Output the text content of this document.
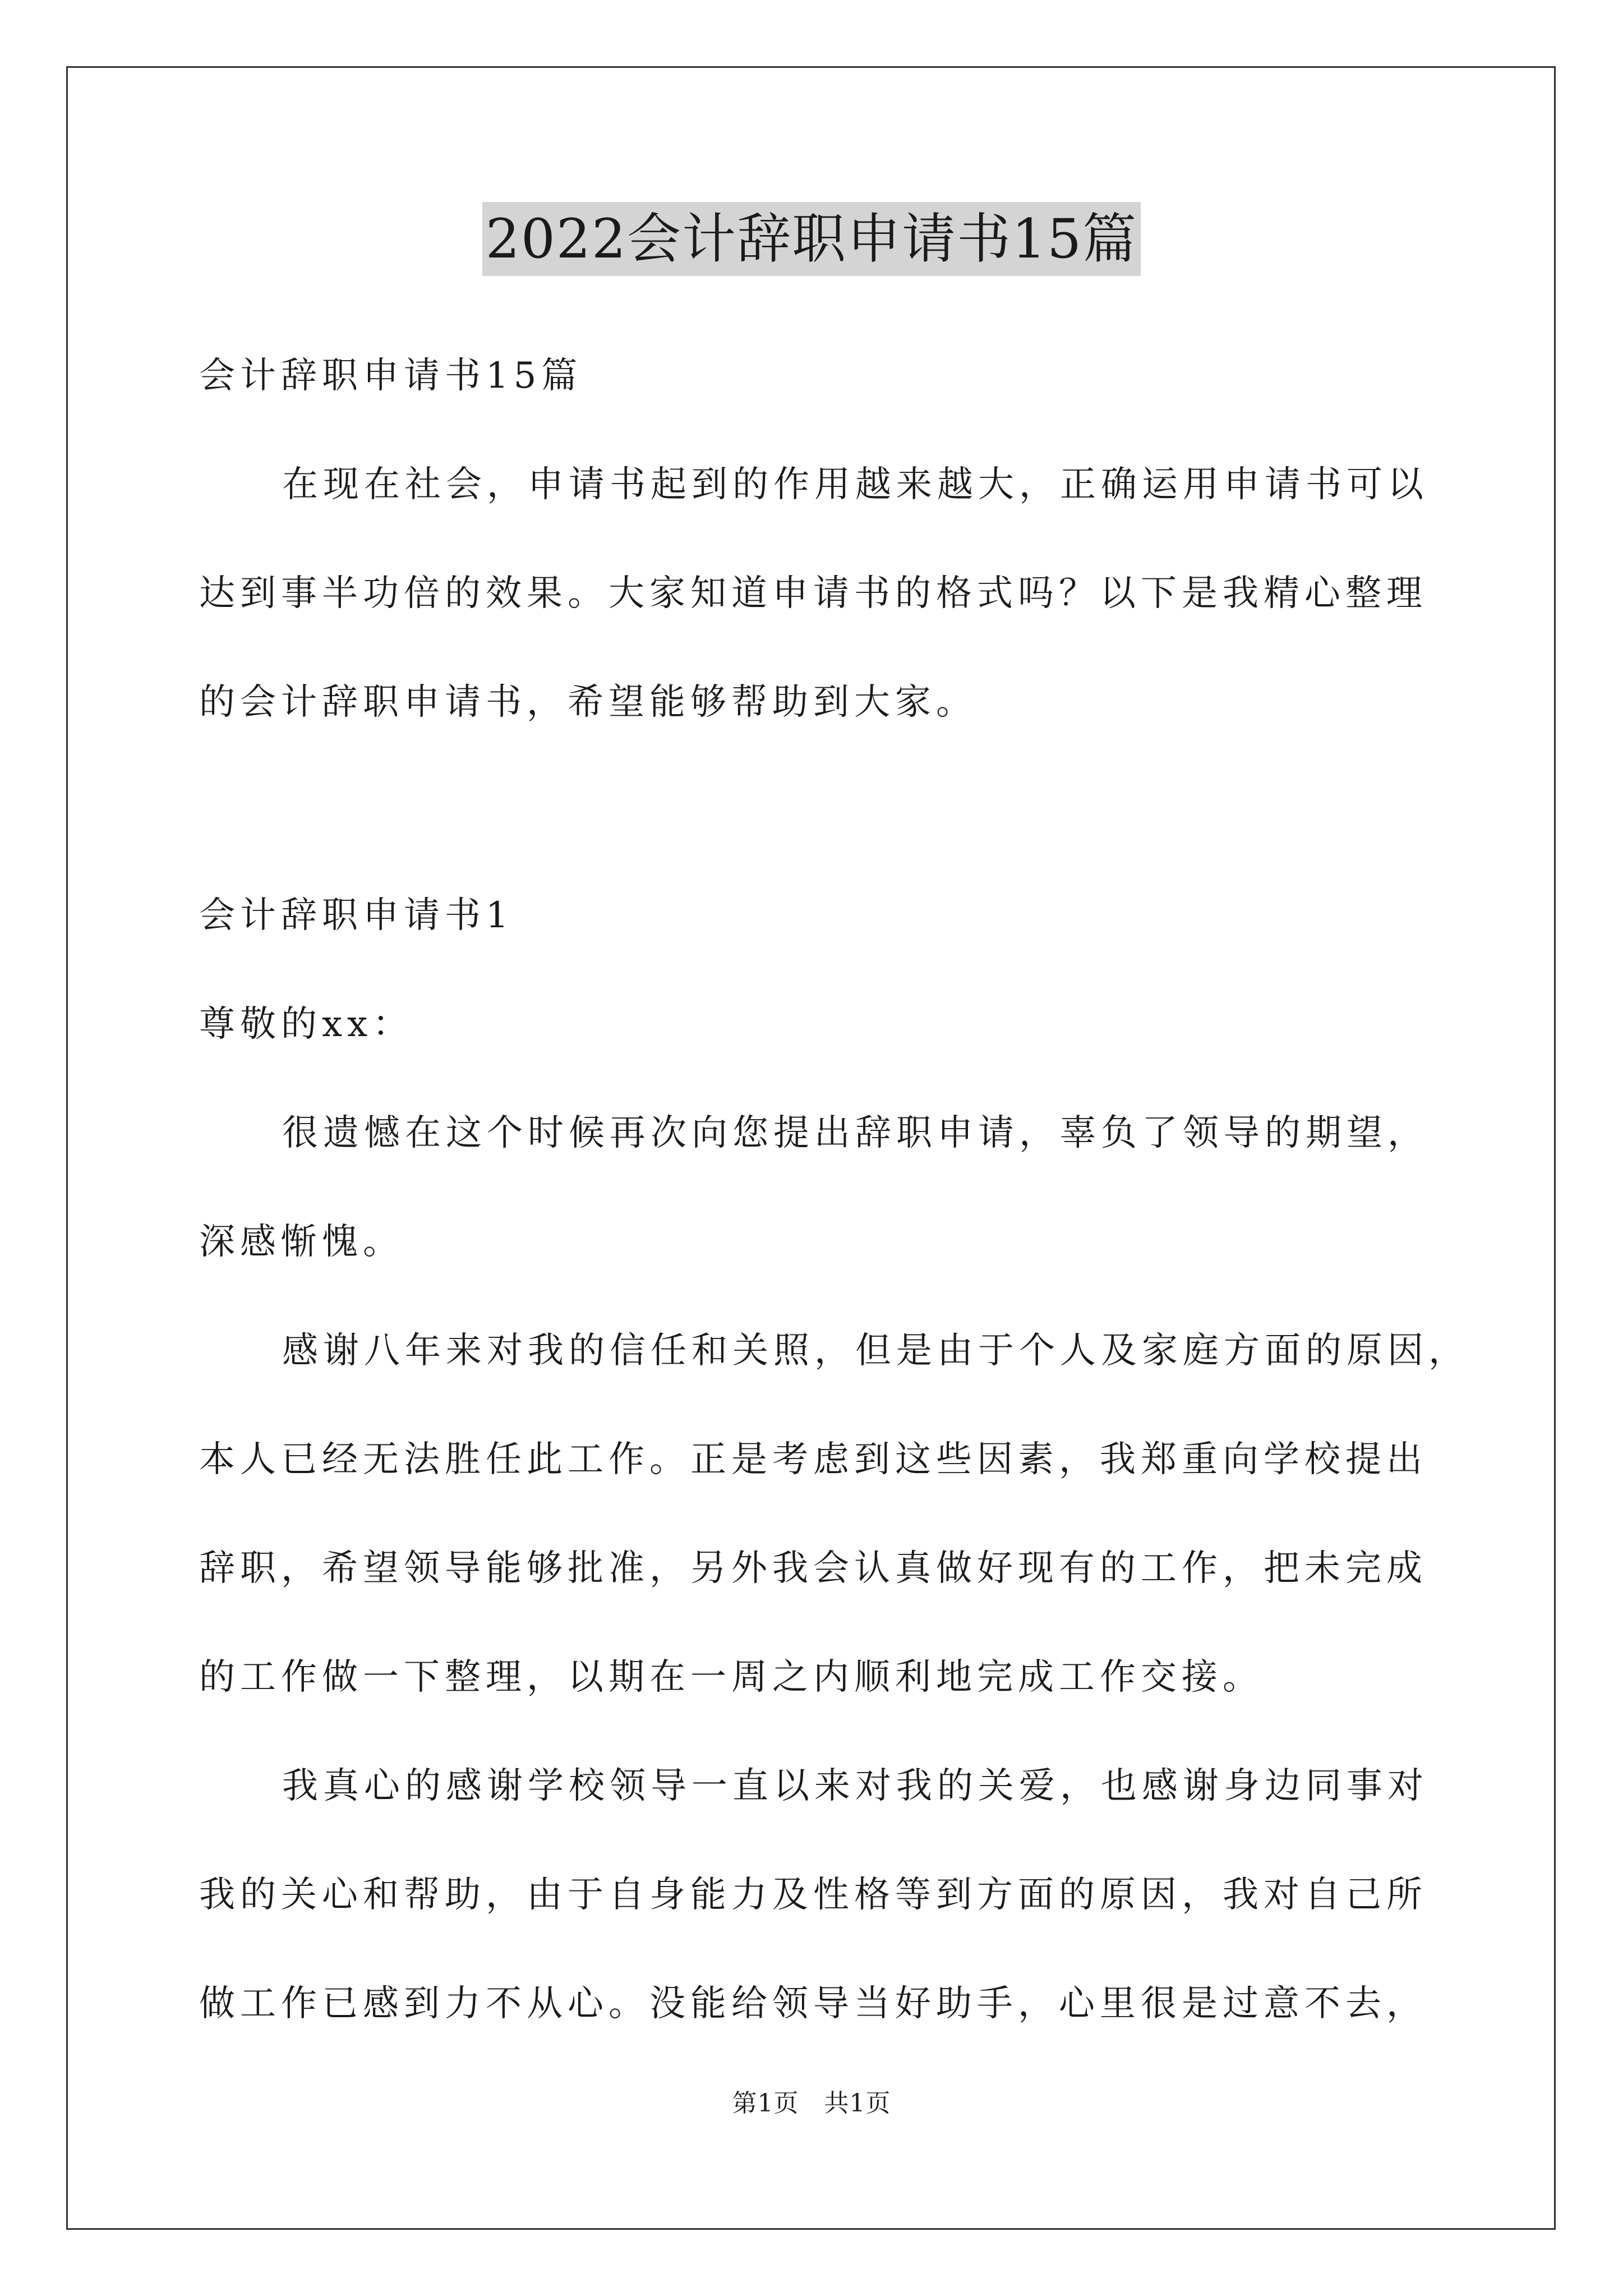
2022会计辞职申请书15篇
会计辞职申请书15篇
在现在社会，申请书起到的作用越来越大，正确运用申请书可以
达到事半功倍的效果。大家知道申请书的格式吗？以下是我精心整理
的会计辞职申请书，希望能够帮助到大家。
会计辞职申请书1
尊敬的xx：
很遗憾在这个时候再次向您提出辞职申请，辜负了领导的期望，
深感惭愧。
感谢八年来对我的信任和关照，但是由于个人及家庭方面的原因，
本人已经无法胜任此工作。正是考虑到这些因素，我郑重向学校提出
辞职，希望领导能够批准，另外我会认真做好现有的工作，把未完成
的工作做一下整理，以期在一周之内顺利地完成工作交接。
我真心的感谢学校领导一直以来对我的关爱，也感谢身边同事对
我的关心和帮助，由于自身能力及性格等到方面的原因，我对自己所
做工作已感到力不从心。没能给领导当好助手，心里很是过意不去，
第1页　共1页
